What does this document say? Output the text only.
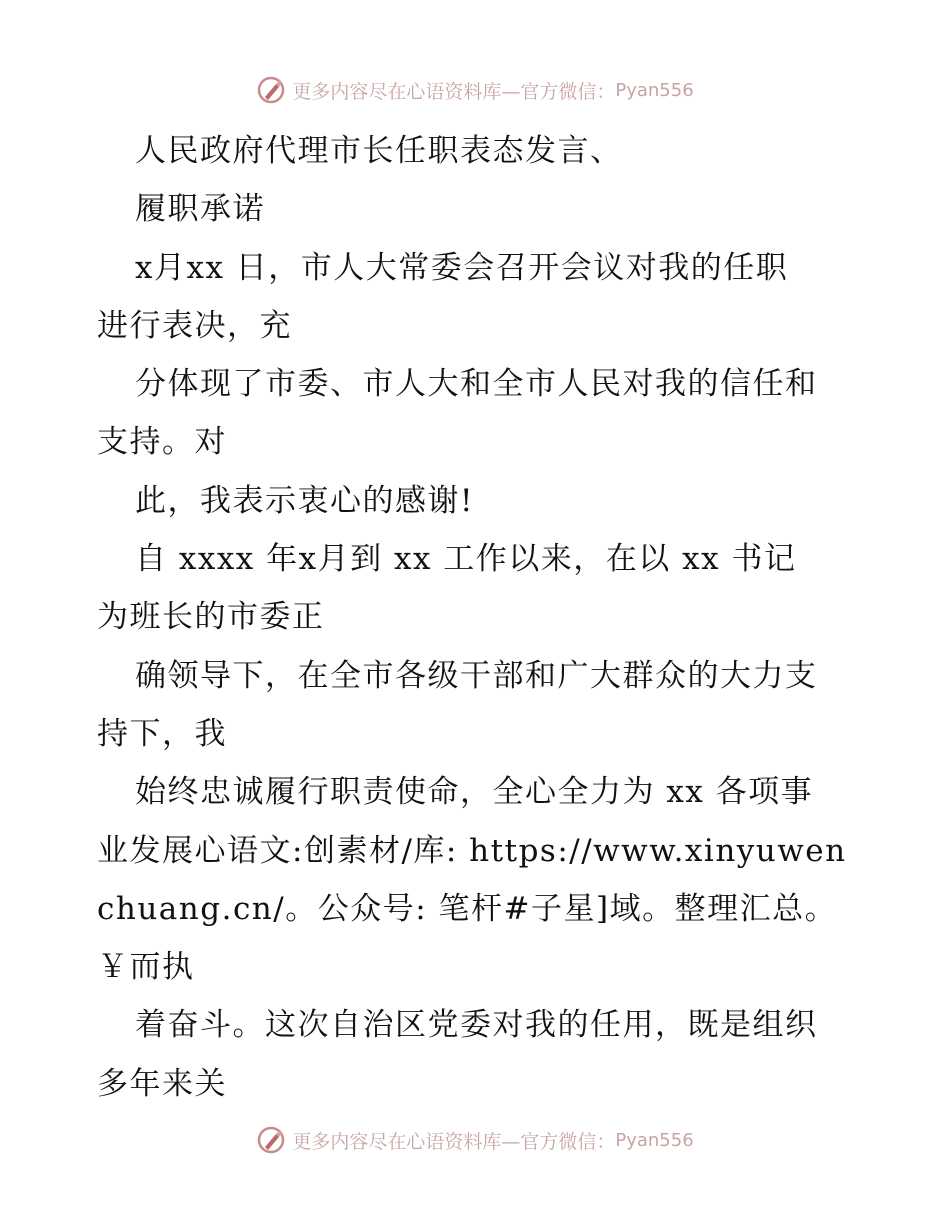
更多内容尽在心语资料库—官方微信： Pyan556
人民政府代理市长任职表态发言、
履职承诺
x月xx 日，市人大常委会召开会议对我的任职
进行表决，充
分体现了市委、市人大和全市人民对我的信任和
支持。对
此，我表示衷心的感谢!
自 xxxx 年x月到 xx 工作以来，在以 xx 书记
为班长的市委正
确领导下，在全市各级干部和广大群众的大力支
持下，我
始终忠诚履行职责使命，全心全力为 xx 各项事
业发展心语文:创素材/库: https://www.xinyuwen
chuang.cn/。公众号: 笔杆#子星]域。整理汇总。
￥而执
着奋斗。这次自治区党委对我的任用，既是组织
多年来关
更多内容尽在心语资料库—官方微信： Pyan556
